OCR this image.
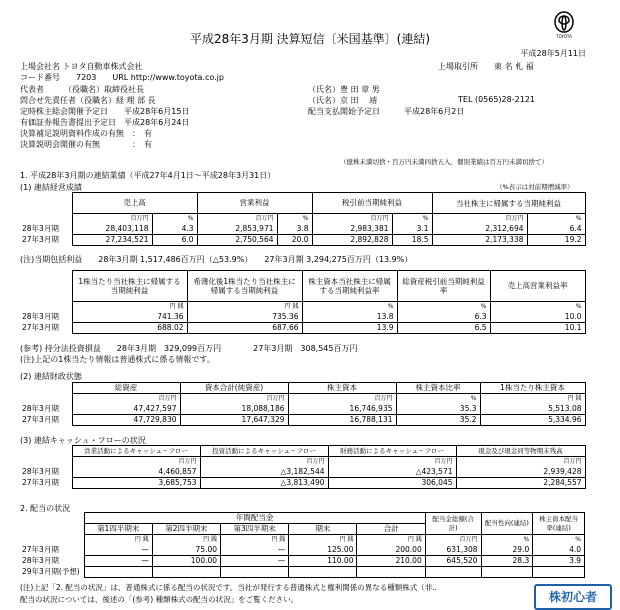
平成28年3月期 決算短信〔米国基準〕(連結)	TOYOTA
平成28年5月11日
上場会社名 トヨタ自動車株式会社	上場取引所　　東 名 札 福
コード番号　　7203　　URL http://www.toyota.co.jp
代表者　　　（役職名）取締役社長	（氏名）豊 田 章 男
問合せ先責任者（役職名）経 理 部 長	（氏名）京 田　 靖	TEL (0565)28-2121
定時株主総会開催予定日　　平成28年6月15日	配当支払開始予定日　　　平成28年6月2日
有価証券報告書提出予定日　平成28年6月24日
決算補足説明資料作成の有無　：　有
決算説明会開催の有無　　　　：　有
（億株未満切捨・百万円未満四捨五入、個別業績は百万円未満切捨て）
1. 平成28年3月期の連結業績（平成27年4月1日～平成28年3月31日）
(1) 連結経営成績	（%表示は対前期増減率）
	売上高		営業利益		税引前当期純利益		当社株主に帰属する当期純利益	
	百万円	%	百万円	%	百万円	%	百万円	%
28年3月期	28,403,118	4.3	2,853,971	3.8	2,983,381	3.1	2,312,694	6.4
27年3月期	27,234,521	6.0	2,750,564	20.0	2,892,828	18.5	2,173,338	19.2
(注)当期包括利益　　28年3月期 1,517,486百万円（△53.9%）　　27年3月期 3,294,275百万円（13.9%）
	1株当たり当社株主に帰属する当期純利益	希薄化後1株当たり当社株主に帰属する当期純利益	株主資本当社株主に帰属する当期純利益率	総資産税引前当期純利益率	売上高営業利益率
	円 銭	円 銭	%	%	%
28年3月期	741.36	735.36	13.8	6.3	10.0
27年3月期	688.02	687.66	13.9	6.5	10.1
(参考) 持分法投資損益　　28年3月期　329,099百万円　　　　27年3月期　308,545百万円
(注)上記の1株当たり情報は普通株式に係る情報です。
(2) 連結財政状態
	総資産	資本合計(純資産)	株主資本	株主資本比率	1株当たり株主資本
	百万円	百万円	百万円	%	円 銭
28年3月期	47,427,597	18,088,186	16,746,935	35.3	5,513.08
27年3月期	47,729,830	17,647,329	16,788,131	35.2	5,334.96
(3) 連結キャッシュ・フローの状況
	営業活動によるキャッシュ・フロー	投資活動によるキャッシュ・フロー	財務活動によるキャッシュ・フロー	現金及び現金同等物期末残高
	百万円	百万円	百万円	百万円
28年3月期	4,460,857	△3,182,544	△423,571	2,939,428
27年3月期	3,685,753	△3,813,490	306,045	2,284,557
2. 配当の状況
	年間配当金					配当金総額(合計)	配当性向(連結)	株主資本配当率(連結)
	第1四半期末	第2四半期末	第3四半期末	期末	合計			
	円 銭	円 銭	円 銭	円 銭	円 銭	百万円	%	%
27年3月期	—	75.00	—	125.00	200.00	631,308	29.0	4.0
28年3月期	—	100.00	—	110.00	210.00	645,520	28.3	3.9
29年3月期(予想)								
(注)上記「2. 配当の状況」は、普通株式に係る配当の状況です。当社が発行する普通株式と権利関係の異なる種類株式（非..
配当の状況については、後述の「(参考) 種類株式の配当の状況」をご覧ください。	株初心者
